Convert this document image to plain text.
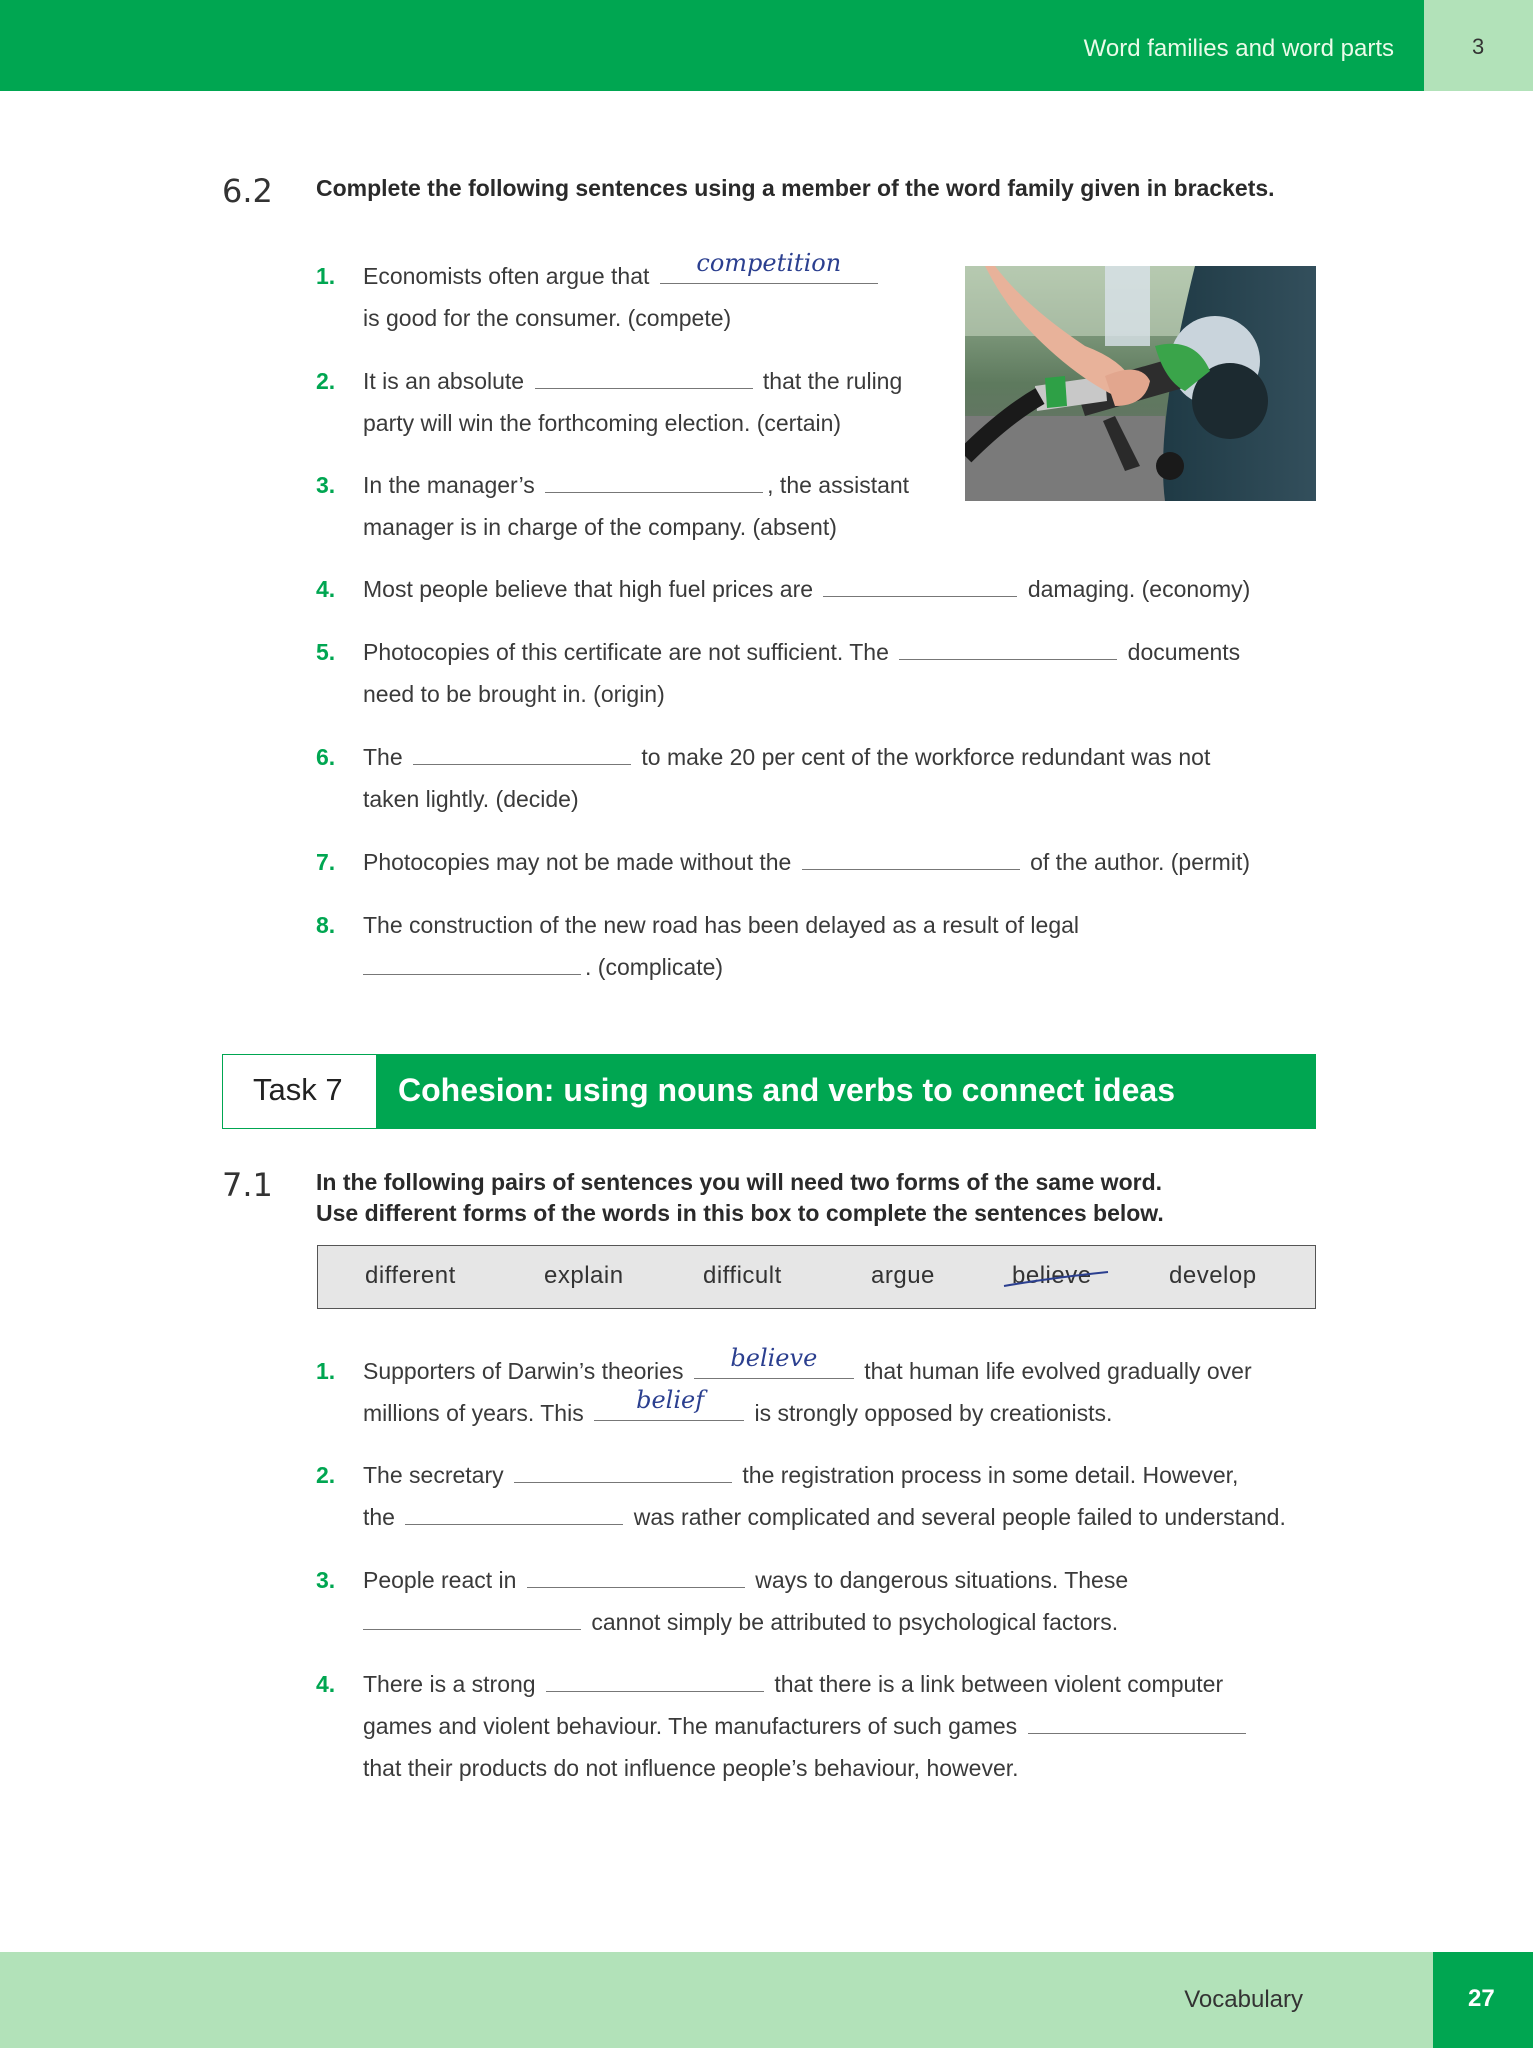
Word families and word parts	3
6.2 Complete the following sentences using a member of the word family given in brackets.
1. Economists often argue that	competition
is good for the consumer. (compete)
2. It is an absolute	that the ruling
party will win the forthcoming election. (certain)
3. In the manager’s	, the assistant
manager is in charge of the company. (absent)
4. Most people believe that high fuel prices are	damaging. (economy)
5. Photocopies of this certificate are not sufficient. The	documents
need to be brought in. (origin)
6. The	to make 20 per cent of the workforce redundant was not
taken lightly. (decide)
7. Photocopies may not be made without the	of the author. (permit)
8. The construction of the new road has been delayed as a result of legal
. (complicate)
Task 7 Cohesion: using nouns and verbs to connect ideas
7.1 In the following pairs of sentences you will need two forms of the same word.
Use different forms of the words in this box to complete the sentences below.
different	explain	difficult	argue	believe	develop
1. Supporters of Darwin’s theories	believe	that human life evolved gradually over
millions of years. This	belief	is strongly opposed by creationists.
2. The secretary	the registration process in some detail. However,
the	was rather complicated and several people failed to understand.
3. People react in	ways to dangerous situations. These
cannot simply be attributed to psychological factors.
4. There is a strong	that there is a link between violent computer
games and violent behaviour. The manufacturers of such games
that their products do not influence people’s behaviour, however.
Vocabulary	27
